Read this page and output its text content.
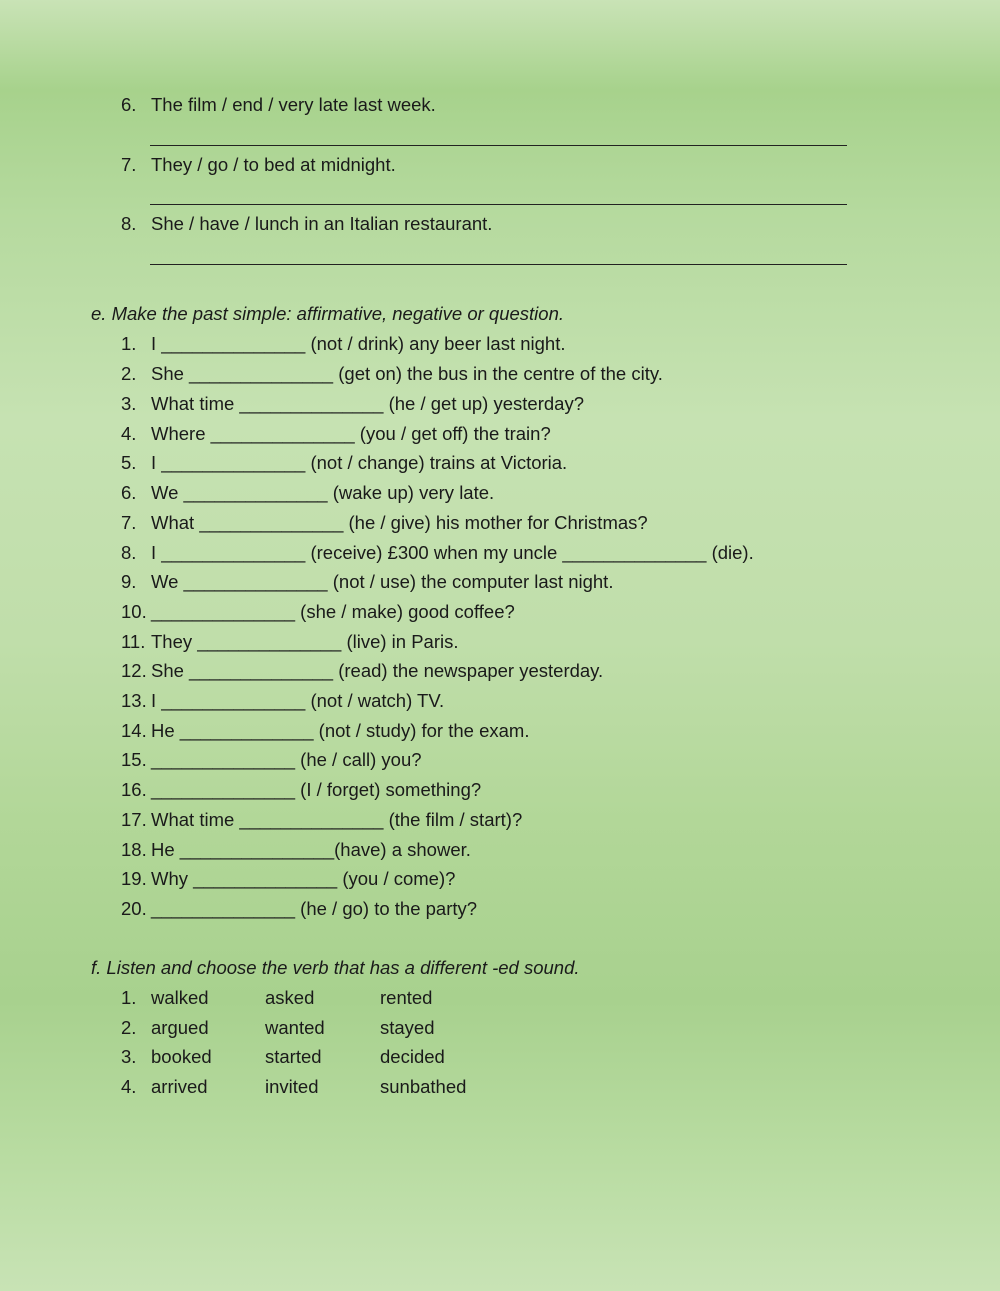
6. The film / end / very late last week.
7. They / go / to bed at midnight.
8. She / have / lunch in an Italian restaurant.
e. Make the past simple: affirmative, negative or question.
1. I ______________ (not / drink) any beer last night.
2. She ______________ (get on) the bus in the centre of the city.
3. What time ______________ (he / get up) yesterday?
4. Where ______________ (you / get off) the train?
5. I ______________ (not / change) trains at Victoria.
6. We ______________ (wake up) very late.
7. What ______________ (he / give) his mother for Christmas?
8. I ______________ (receive) £300 when my uncle ______________ (die).
9. We ______________ (not / use) the computer last night.
10. ______________ (she / make) good coffee?
11. They ______________ (live) in Paris.
12. She ______________ (read) the newspaper yesterday.
13. I ______________ (not / watch) TV.
14. He _____________ (not / study) for the exam.
15. ______________ (he / call) you?
16. ______________ (I / forget) something?
17. What time ______________ (the film / start)?
18. He _______________(have) a shower.
19. Why ______________ (you / come)?
20. ______________ (he / go) to the party?
f. Listen and choose the verb that has a different -ed sound.
1. walked	asked	rented
2. argued	wanted	stayed
3. booked	started	decided
4. arrived	invited	sunbathed
